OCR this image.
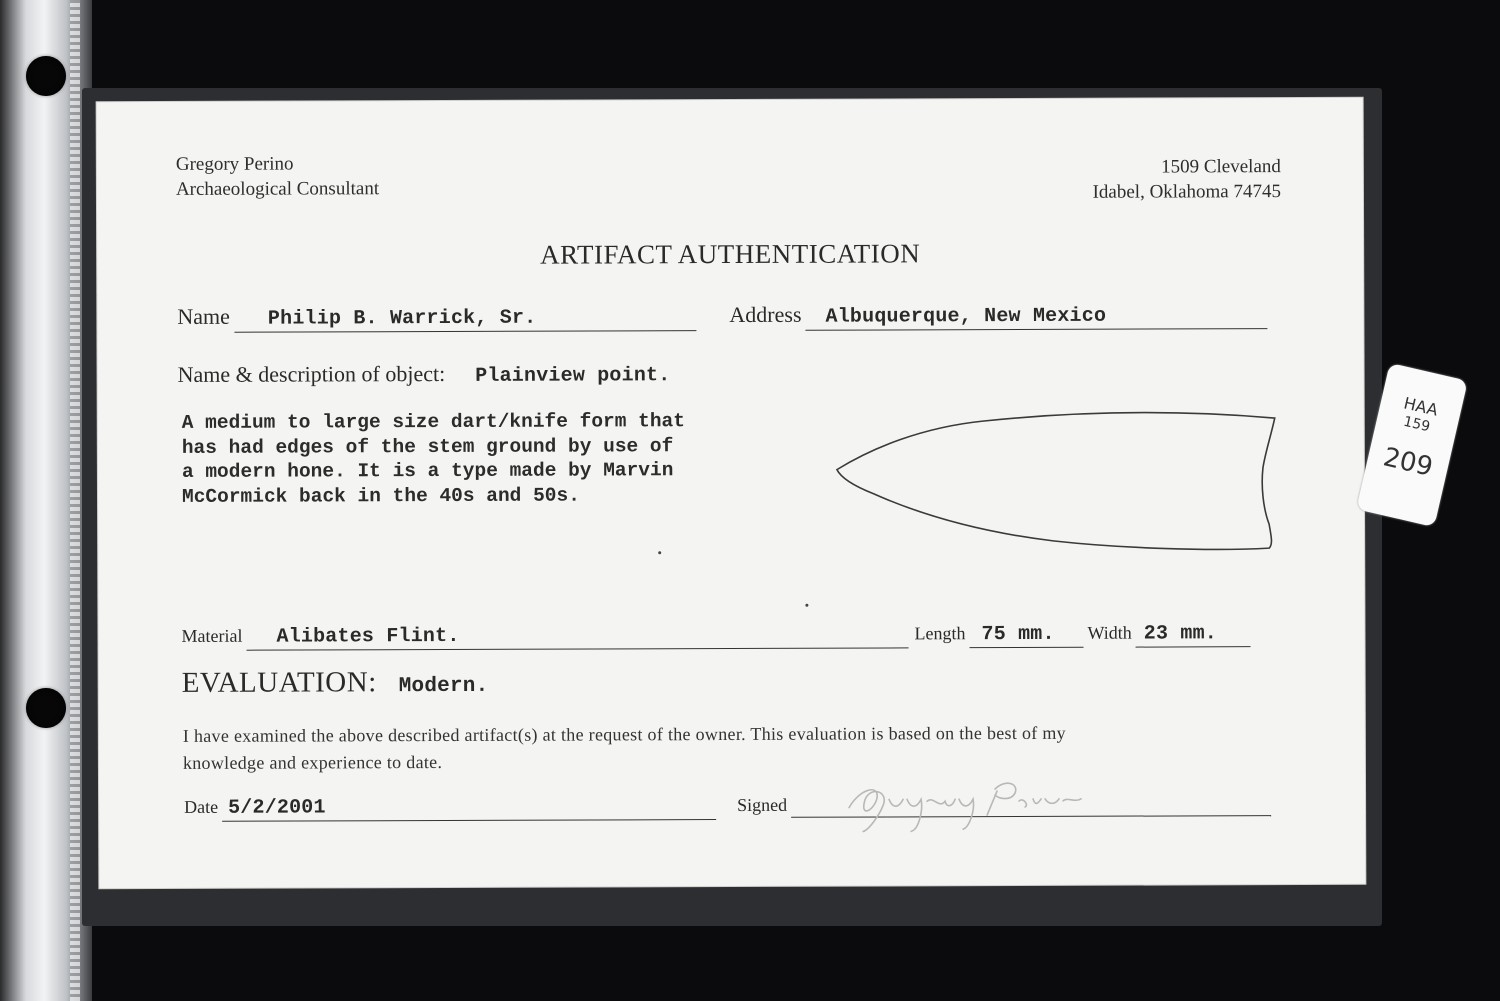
Gregory Perino
Archaeological Consultant
1509 Cleveland
Idabel, Oklahoma 74745
ARTIFACT AUTHENTICATION
Name Philip B. Warrick, Sr.	Address Albuquerque, New Mexico
Name & description of object: Plainview point.
A medium to large size dart/knife form that
has had edges of the stem ground by use of
a modern hone. It is a type made by Marvin
McCormick back in the 40s and 50s.
Material Alibates Flint.	Length 75 mm. Width 23 mm.
EVALUATION: Modern.
I have examined the above described artifact(s) at the request of the owner. This evaluation is based on the best of my
knowledge and experience to date.
Date 5/2/2001	Signed
HAA
159
209
